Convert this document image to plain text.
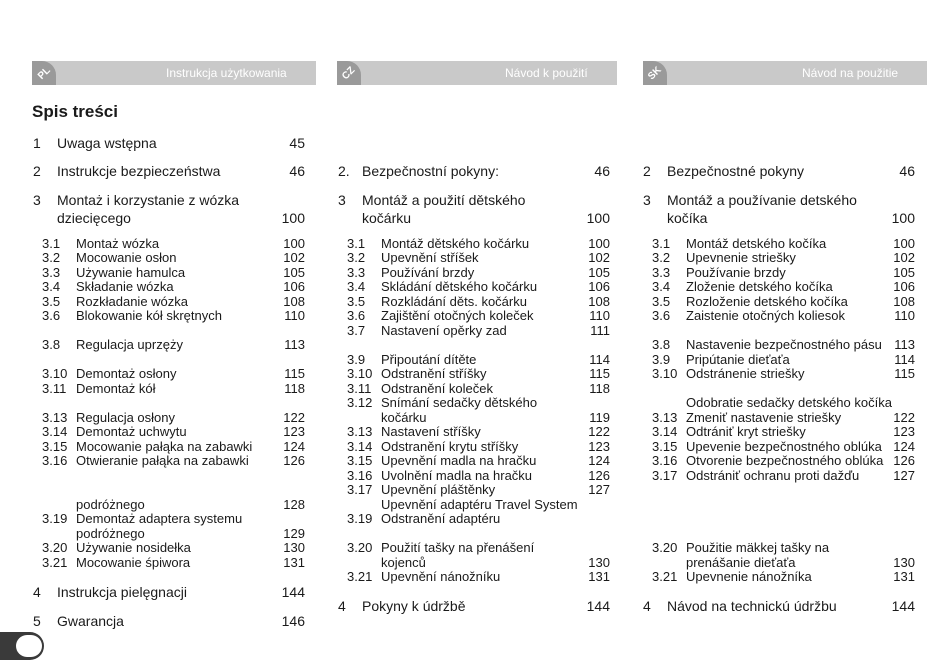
PL	Instrukcja użytkowania	CZ	Návod k použití	SK	Návod na použitie
Spis treści
1 Uwaga wstępna	45
2 Instrukcje bezpieczeństwa	46
3 Montaż i korzystanie z wózka
dziecięcego	100
3.1 Montaż wózka	100
3.2 Mocowanie osłon	102
3.3 Używanie hamulca	105
3.4 Składanie wózka	106
3.5 Rozkładanie wózka	108
3.6 Blokowanie kół skrętnych	110
3.8 Regulacja uprzęży	113
3.10 Demontaż osłony	115
3.11 Demontaż kół	118
3.13 Regulacja osłony	122
3.14 Demontaż uchwytu	123
3.15 Mocowanie pałąka na zabawki	124
3.16 Otwieranie pałąka na zabawki	126
podróżnego	128
3.19 Demontaż adaptera systemu
podróżnego	129
3.20 Używanie nosidełka	130
3.21 Mocowanie śpiwora	131
4 Instrukcja pielęgnacji	144
5 Gwarancja	146
2. Bezpečnostní pokyny:	46
3 Montáž a použití dětského
kočárku	100
3.1 Montáž dětského kočárku	100
3.2 Upevnění stříšek	102
3.3 Používání brzdy	105
3.4 Skládání dětského kočárku	106
3.5 Rozkládání děts. kočárku	108
3.6 Zajištění otočných koleček	110
3.7 Nastavení opěrky zad	111
3.9 Připoutání dítěte	114
3.10 Odstranění stříšky	115
3.11 Odstranění koleček	118
3.12 Snímání sedačky dětského
kočárku	119
3.13 Nastavení stříšky	122
3.14 Odstranění krytu stříšky	123
3.15 Upevnění madla na hračku	124
3.16 Uvolnění madla na hračku	126
3.17 Upevnění pláštěnky	127
Upevnění adaptéru Travel System
3.19 Odstranění adaptéru
3.20 Použití tašky na přenášení
kojenců	130
3.21 Upevnění nánožníku	131
4 Pokyny k údržbě	144
2 Bezpečnostné pokyny	46
3 Montáž a používanie detského
kočíka	100
3.1 Montáž detského kočíka	100
3.2 Upevnenie striešky	102
3.3 Používanie brzdy	105
3.4 Zloženie detského kočíka	106
3.5 Rozloženie detského kočíka	108
3.6 Zaistenie otočných koliesok	110
3.8 Nastavenie bezpečnostného pásu 113
3.9 Pripútanie dieťaťa	114
3.10 Odstránenie striešky	115
Odobratie sedačky detského kočíka
3.13 Zmeniť nastavenie striešky	122
3.14 Odtrániť kryt striešky	123
3.15 Upevenie bezpečnostného oblúka 124
3.16 Otvorenie bezpečnostného oblúka 126
3.17 Odstrániť ochranu proti dažďu	127
3.20 Použitie mäkkej tašky na
prenášanie dieťaťa	130
3.21 Upevnenie nánožníka	131
4 Návod na technickú údržbu	144
